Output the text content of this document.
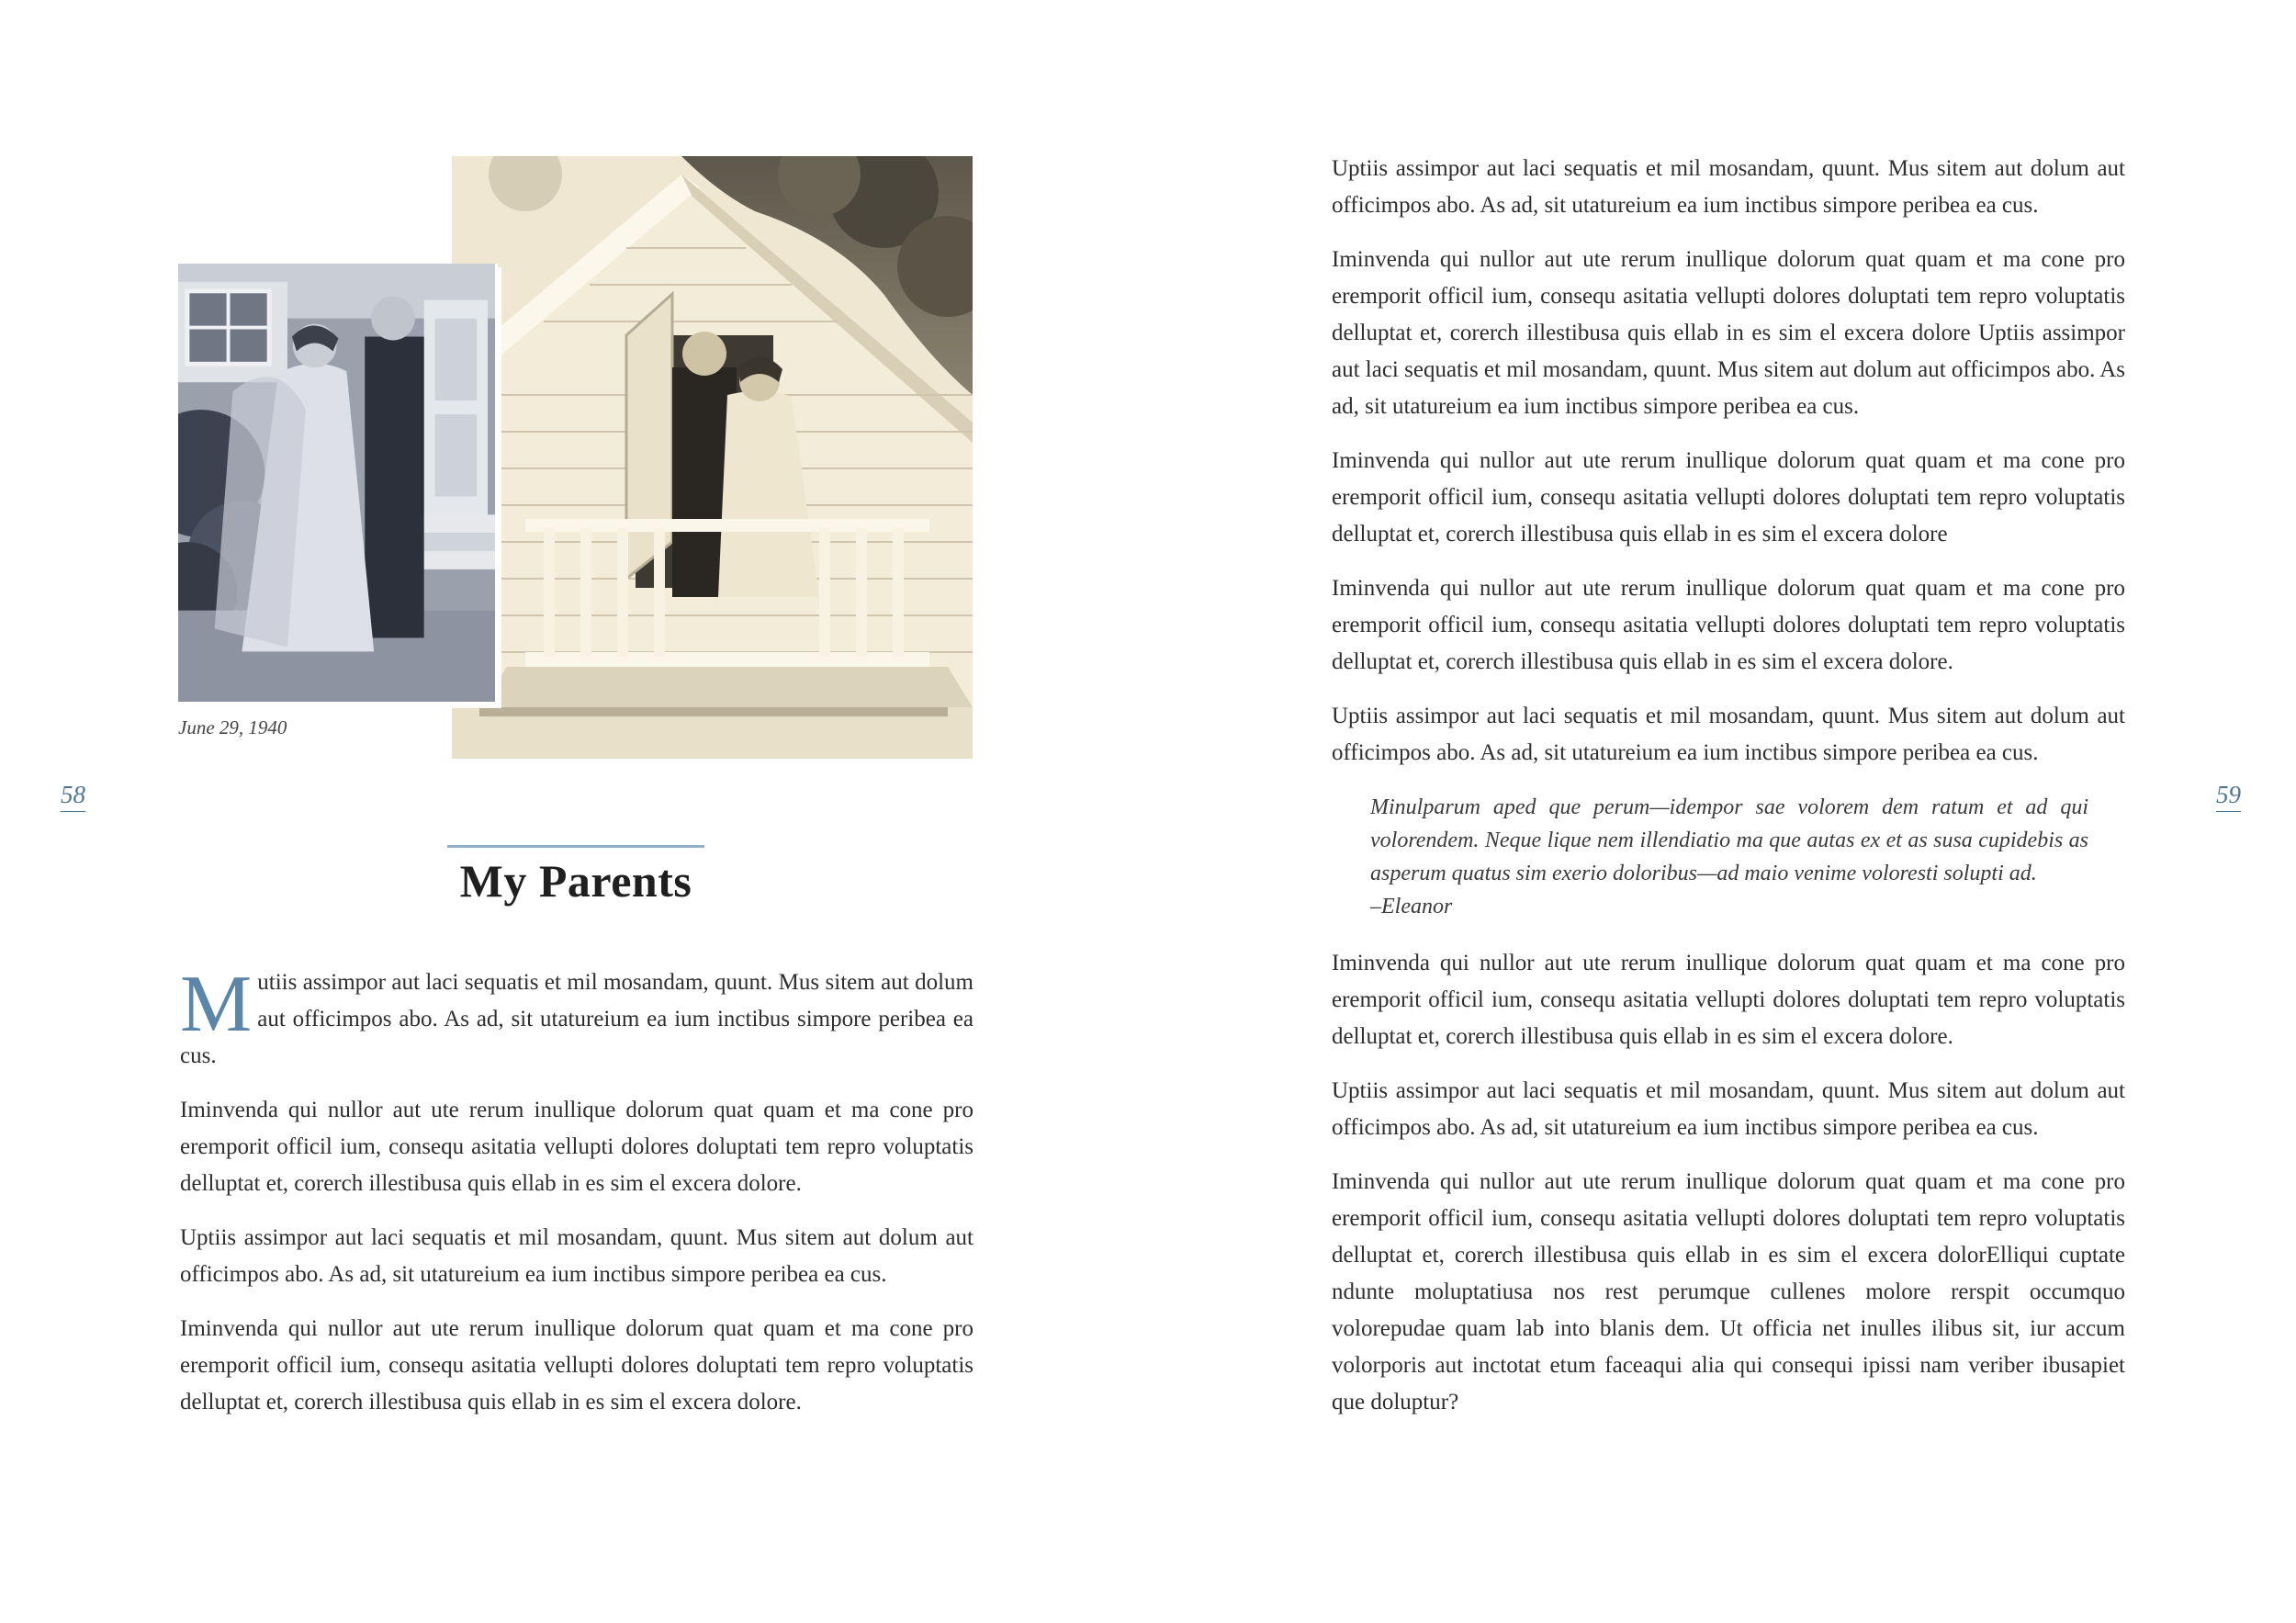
June 29, 1940
58	59
My Parents

M utiis assimpor aut laci sequatis et mil mosandam, quunt. Mus sitem aut dolum aut officimpos abo. As ad, sit utatureium ea ium inctibus simpore peribea ea cus.

Iminvenda qui nullor aut ute rerum inullique dolorum quat quam et ma cone pro eremporit officil ium, consequ asitatia vellupti dolores doluptati tem repro voluptatis delluptat et, corerch illestibusa quis ellab in es sim el excera dolore.

Uptiis assimpor aut laci sequatis et mil mosandam, quunt. Mus sitem aut dolum aut officimpos abo. As ad, sit utatureium ea ium inctibus simpore peribea ea cus.

Iminvenda qui nullor aut ute rerum inullique dolorum quat quam et ma cone pro eremporit officil ium, consequ asitatia vellupti dolores doluptati tem repro voluptatis delluptat et, corerch illestibusa quis ellab in es sim el excera dolore.

Uptiis assimpor aut laci sequatis et mil mosandam, quunt. Mus sitem aut dolum aut officimpos abo. As ad, sit utatureium ea ium inctibus simpore peribea ea cus.

Iminvenda qui nullor aut ute rerum inullique dolorum quat quam et ma cone pro eremporit officil ium, consequ asitatia vellupti dolores doluptati tem repro voluptatis delluptat et, corerch illestibusa quis ellab in es sim el excera dolore Uptiis assimpor aut laci sequatis et mil mosandam, quunt. Mus sitem aut dolum aut officimpos abo. As ad, sit utatureium ea ium inctibus simpore peribea ea cus.

Iminvenda qui nullor aut ute rerum inullique dolorum quat quam et ma cone pro eremporit officil ium, consequ asitatia vellupti dolores doluptati tem repro voluptatis delluptat et, corerch illestibusa quis ellab in es sim el excera dolore

Iminvenda qui nullor aut ute rerum inullique dolorum quat quam et ma cone pro eremporit officil ium, consequ asitatia vellupti dolores doluptati tem repro voluptatis delluptat et, corerch illestibusa quis ellab in es sim el excera dolore.

Uptiis assimpor aut laci sequatis et mil mosandam, quunt. Mus sitem aut dolum aut officimpos abo. As ad, sit utatureium ea ium inctibus simpore peribea ea cus.

Minulparum aped que perum—idempor sae volorem dem ratum et ad qui volorendem. Neque lique nem illendiatio ma que autas ex et as susa cupidebis as asperum quatus sim exerio doloribus—ad maio venime voloresti solupti ad.
–Eleanor

Iminvenda qui nullor aut ute rerum inullique dolorum quat quam et ma cone pro eremporit officil ium, consequ asitatia vellupti dolores doluptati tem repro voluptatis delluptat et, corerch illestibusa quis ellab in es sim el excera dolore.

Uptiis assimpor aut laci sequatis et mil mosandam, quunt. Mus sitem aut dolum aut officimpos abo. As ad, sit utatureium ea ium inctibus simpore peribea ea cus.

Iminvenda qui nullor aut ute rerum inullique dolorum quat quam et ma cone pro eremporit officil ium, consequ asitatia vellupti dolores doluptati tem repro voluptatis delluptat et, corerch illestibusa quis ellab in es sim el excera dolorElliqui cuptate ndunte moluptatiusa nos rest perumque cullenes molore rerspit occumquo volorepudae quam lab into blanis dem. Ut officia net inulles ilibus sit, iur accum volorporis aut inctotat etum faceaqui alia qui consequi ipissi nam veriber ibusapiet que doluptur?
